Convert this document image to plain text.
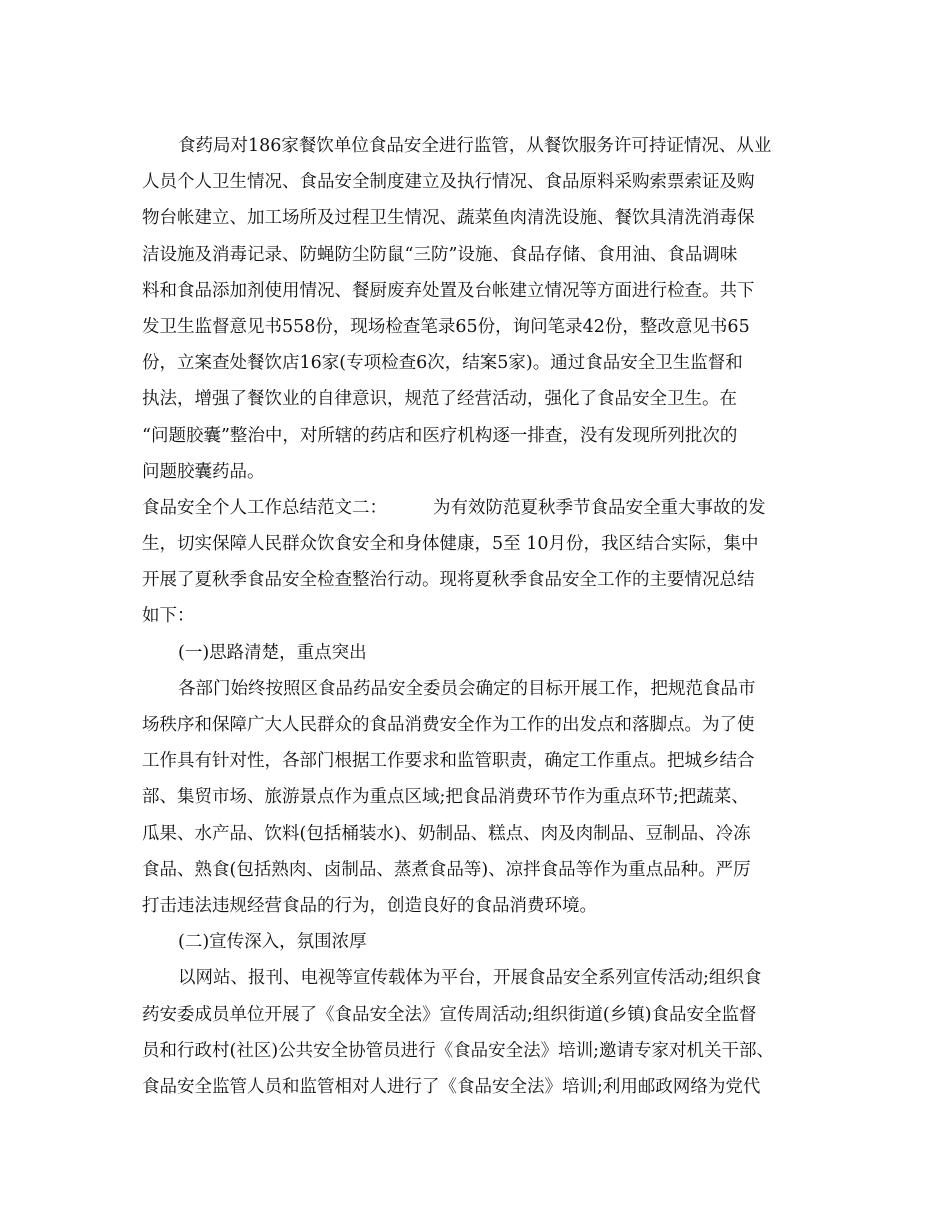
食药局对186家餐饮单位食品安全进行监管，从餐饮服务许可持证情况、从业
人员个人卫生情况、食品安全制度建立及执行情况、食品原料采购索票索证及购
物台帐建立、加工场所及过程卫生情况、蔬菜鱼肉清洗设施、餐饮具清洗消毒保
洁设施及消毒记录、防蝇防尘防鼠“三防”设施、食品存储、食用油、食品调味
料和食品添加剂使用情况、餐厨废弃处置及台帐建立情况等方面进行检查。共下
发卫生监督意见书558份，现场检查笔录65份，询问笔录42份，整改意见书65
份，立案查处餐饮店16家(专项检查6次，结案5家)。通过食品安全卫生监督和
执法，增强了餐饮业的自律意识，规范了经营活动，强化了食品安全卫生。在
“问题胶囊”整治中，对所辖的药店和医疗机构逐一排查，没有发现所列批次的
问题胶囊药品。
食品安全个人工作总结范文二：	为有效防范夏秋季节食品安全重大事故的发
生，切实保障人民群众饮食安全和身体健康，5至 10月份，我区结合实际，集中
开展了夏秋季食品安全检查整治行动。现将夏秋季食品安全工作的主要情况总结
如下：
(一)思路清楚，重点突出
各部门始终按照区食品药品安全委员会确定的目标开展工作，把规范食品市
场秩序和保障广大人民群众的食品消费安全作为工作的出发点和落脚点。为了使
工作具有针对性，各部门根据工作要求和监管职责，确定工作重点。把城乡结合
部、集贸市场、旅游景点作为重点区域;把食品消费环节作为重点环节;把蔬菜、
瓜果、水产品、饮料(包括桶装水)、奶制品、糕点、肉及肉制品、豆制品、冷冻
食品、熟食(包括熟肉、卤制品、蒸煮食品等)、凉拌食品等作为重点品种。严厉
打击违法违规经营食品的行为，创造良好的食品消费环境。
(二)宣传深入，氛围浓厚
以网站、报刊、电视等宣传载体为平台，开展食品安全系列宣传活动;组织食
药安委成员单位开展了《食品安全法》宣传周活动;组织街道(乡镇)食品安全监督
员和行政村(社区)公共安全协管员进行《食品安全法》培训;邀请专家对机关干部、
食品安全监管人员和监管相对人进行了《食品安全法》培训;利用邮政网络为党代
